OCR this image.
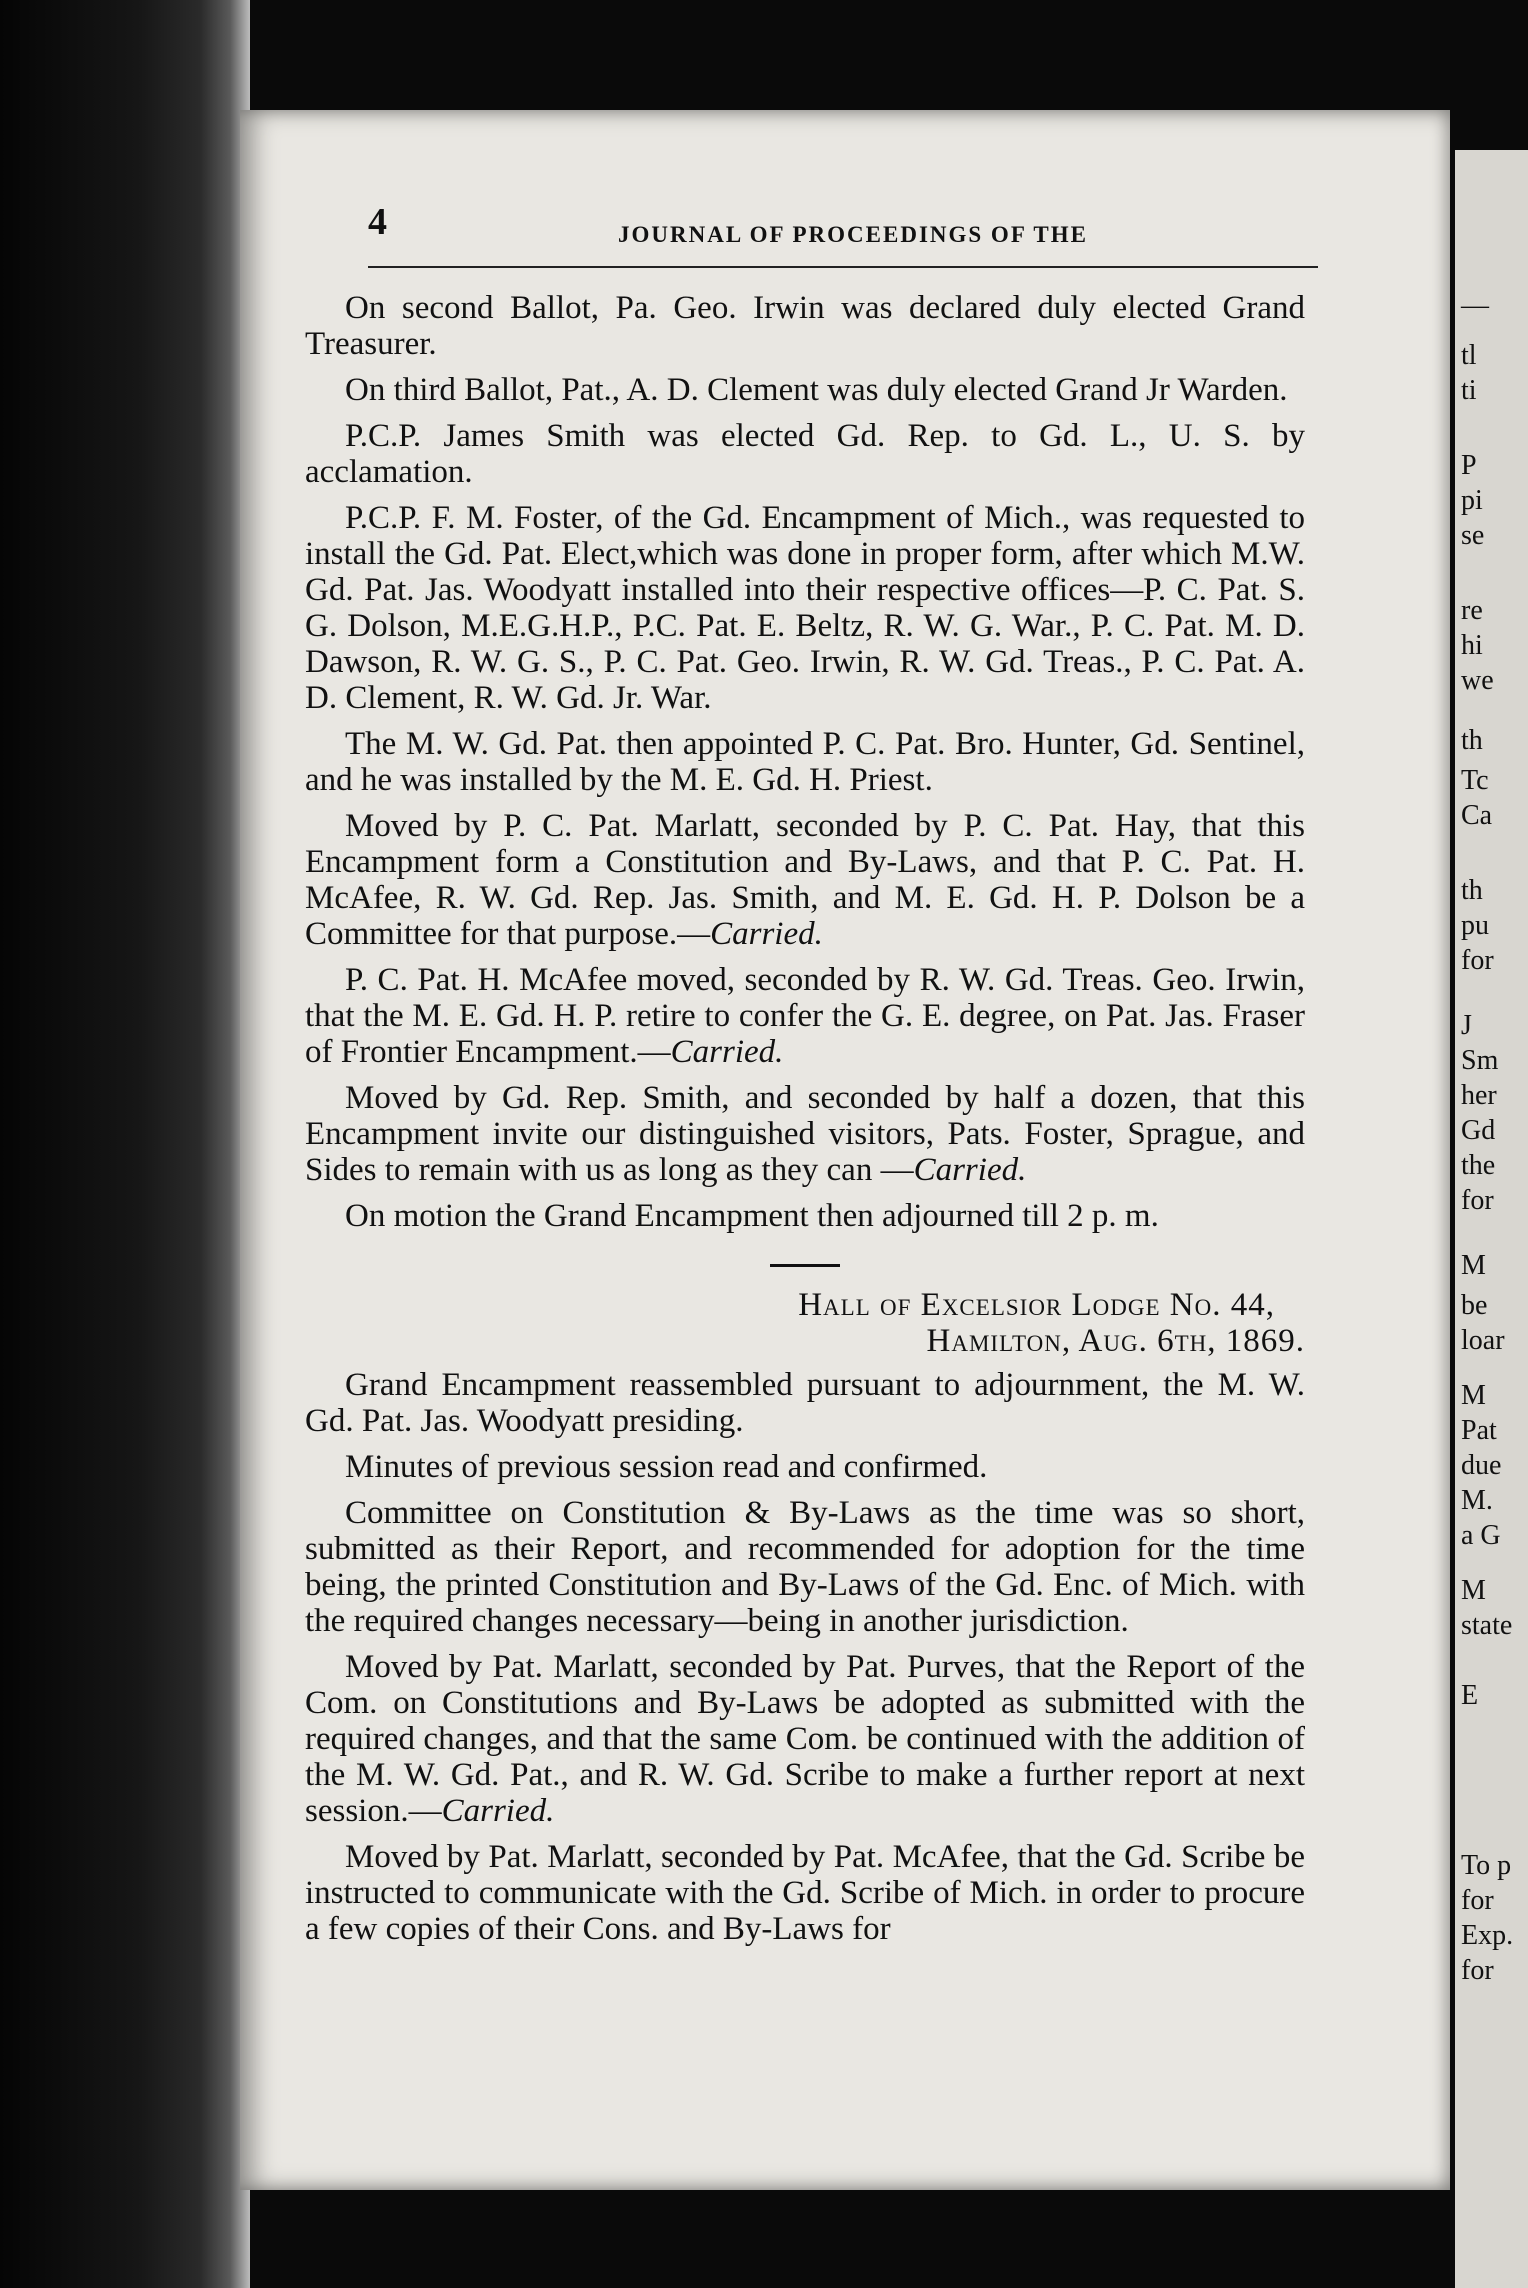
—
tl
ti
P
pi
se
re
hi
we
th
Tc
Ca
th
pu
for
J
Sm
her
Gd
the
for
M
be
loar
M
Pat
due
M.
a G
M
state
E
To p
for
Exp.
for
4	JOURNAL OF PROCEEDINGS OF THE

On second Ballot, Pa. Geo. Irwin was declared duly elected Grand Treasurer.

On third Ballot, Pat., A. D. Clement was duly elected Grand Jr Warden.

P.C.P. James Smith was elected Gd. Rep. to Gd. L., U. S. by acclamation.

P.C.P. F. M. Foster, of the Gd. Encampment of Mich., was requested to install the Gd. Pat. Elect,which was done in proper form, after which M.W. Gd. Pat. Jas. Woodyatt installed into their respective offices—P. C. Pat. S. G. Dolson, M.E.G.H.P., P.C. Pat. E. Beltz, R. W. G. War., P. C. Pat. M. D. Dawson, R. W. G. S., P. C. Pat. Geo. Irwin, R. W. Gd. Treas., P. C. Pat. A. D. Clement, R. W. Gd. Jr. War.

The M. W. Gd. Pat. then appointed P. C. Pat. Bro. Hunter, Gd. Sentinel, and he was installed by the M. E. Gd. H. Priest.

Moved by P. C. Pat. Marlatt, seconded by P. C. Pat. Hay, that this Encampment form a Constitution and By-Laws, and that P. C. Pat. H. McAfee, R. W. Gd. Rep. Jas. Smith, and M. E. Gd. H. P. Dolson be a Committee for that purpose.—Carried.

P. C. Pat. H. McAfee moved, seconded by R. W. Gd. Treas. Geo. Irwin, that the M. E. Gd. H. P. retire to confer the G. E. degree, on Pat. Jas. Fraser of Frontier Encampment.—Carried.

Moved by Gd. Rep. Smith, and seconded by half a dozen, that this Encampment invite our distinguished visitors, Pats. Foster, Sprague, and Sides to remain with us as long as they can —Carried.

On motion the Grand Encampment then adjourned till 2 p. m.

Hall of Excelsior Lodge No. 44,

Hamilton, Aug. 6th, 1869.

Grand Encampment reassembled pursuant to adjournment, the M. W. Gd. Pat. Jas. Woodyatt presiding.

Minutes of previous session read and confirmed.

Committee on Constitution & By-Laws as the time was so short, submitted as their Report, and recommended for adoption for the time being, the printed Constitution and By-Laws of the Gd. Enc. of Mich. with the required changes necessary—being in another jurisdiction.

Moved by Pat. Marlatt, seconded by Pat. Purves, that the Report of the Com. on Constitutions and By-Laws be adopted as submitted with the required changes, and that the same Com. be continued with the addition of the M. W. Gd. Pat., and R. W. Gd. Scribe to make a further report at next session.—Carried.

Moved by Pat. Marlatt, seconded by Pat. McAfee, that the Gd. Scribe be instructed to communicate with the Gd. Scribe of Mich. in order to procure a few copies of their Cons. and By-Laws for
